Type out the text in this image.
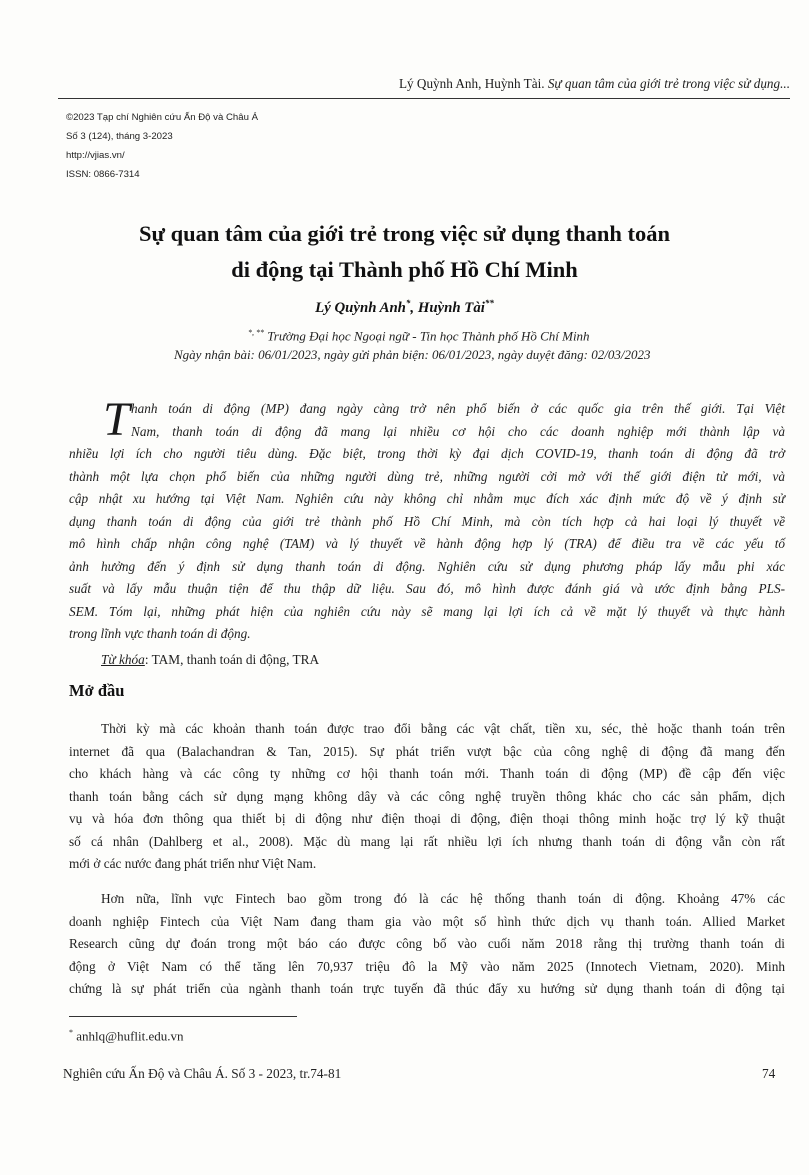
Lý Quỳnh Anh, Huỳnh Tài. Sự quan tâm của giới trẻ trong việc sử dụng...
©2023 Tạp chí Nghiên cứu Ấn Độ và Châu Á
Số 3 (124), tháng 3-2023
http://vjias.vn/
ISSN: 0866-7314
Sự quan tâm của giới trẻ trong việc sử dụng thanh toán
di động tại Thành phố Hồ Chí Minh
Lý Quỳnh Anh*, Huỳnh Tài**
*, ** Trường Đại học Ngoại ngữ - Tin học Thành phố Hồ Chí Minh
Ngày nhận bài: 06/01/2023, ngày gửi phản biện: 06/01/2023, ngày duyệt đăng: 02/03/2023
T hanh toán di động (MP) đang ngày càng trở nên phổ biến ở các quốc gia trên thế giới. Tại Việt
Nam, thanh toán di động đã mang lại nhiều cơ hội cho các doanh nghiệp mới thành lập và
nhiều lợi ích cho người tiêu dùng. Đặc biệt, trong thời kỳ đại dịch COVID-19, thanh toán di động đã trở
thành một lựa chọn phổ biến của những người dùng trẻ, những người cởi mở với thế giới điện tử mới, và
cập nhật xu hướng tại Việt Nam. Nghiên cứu này không chỉ nhằm mục đích xác định mức độ về ý định sử
dụng thanh toán di động của giới trẻ thành phố Hồ Chí Minh, mà còn tích hợp cả hai loại lý thuyết về
mô hình chấp nhận công nghệ (TAM) và lý thuyết về hành động hợp lý (TRA) để điều tra về các yếu tố
ảnh hưởng đến ý định sử dụng thanh toán di động. Nghiên cứu sử dụng phương pháp lấy mẫu phi xác
suất và lấy mẫu thuận tiện để thu thập dữ liệu. Sau đó, mô hình được đánh giá và ước định bằng PLS-
SEM. Tóm lại, những phát hiện của nghiên cứu này sẽ mang lại lợi ích cả về mặt lý thuyết và thực hành
trong lĩnh vực thanh toán di động.
Từ khóa: TAM, thanh toán di động, TRA
Mở đầu
Thời kỳ mà các khoản thanh toán được trao đổi bằng các vật chất, tiền xu, séc, thẻ hoặc thanh toán trên
internet đã qua (Balachandran & Tan, 2015). Sự phát triển vượt bậc của công nghệ di động đã mang đến
cho khách hàng và các công ty những cơ hội thanh toán mới. Thanh toán di động (MP) đề cập đến việc
thanh toán bằng cách sử dụng mạng không dây và các công nghệ truyền thông khác cho các sản phẩm, dịch
vụ và hóa đơn thông qua thiết bị di động như điện thoại di động, điện thoại thông minh hoặc trợ lý kỹ thuật
số cá nhân (Dahlberg et al., 2008). Mặc dù mang lại rất nhiều lợi ích nhưng thanh toán di động vẫn còn rất
mới ở các nước đang phát triển như Việt Nam.
Hơn nữa, lĩnh vực Fintech bao gồm trong đó là các hệ thống thanh toán di động. Khoảng 47% các
doanh nghiệp Fintech của Việt Nam đang tham gia vào một số hình thức dịch vụ thanh toán. Allied Market
Research cũng dự đoán trong một báo cáo được công bố vào cuối năm 2018 rằng thị trường thanh toán di
động ở Việt Nam có thể tăng lên 70,937 triệu đô la Mỹ vào năm 2025 (Innotech Vietnam, 2020). Minh
chứng là sự phát triển của ngành thanh toán trực tuyến đã thúc đẩy xu hướng sử dụng thanh toán di động tại
* anhlq@huflit.edu.vn
Nghiên cứu Ấn Độ và Châu Á. Số 3 - 2023, tr.74-81	74
